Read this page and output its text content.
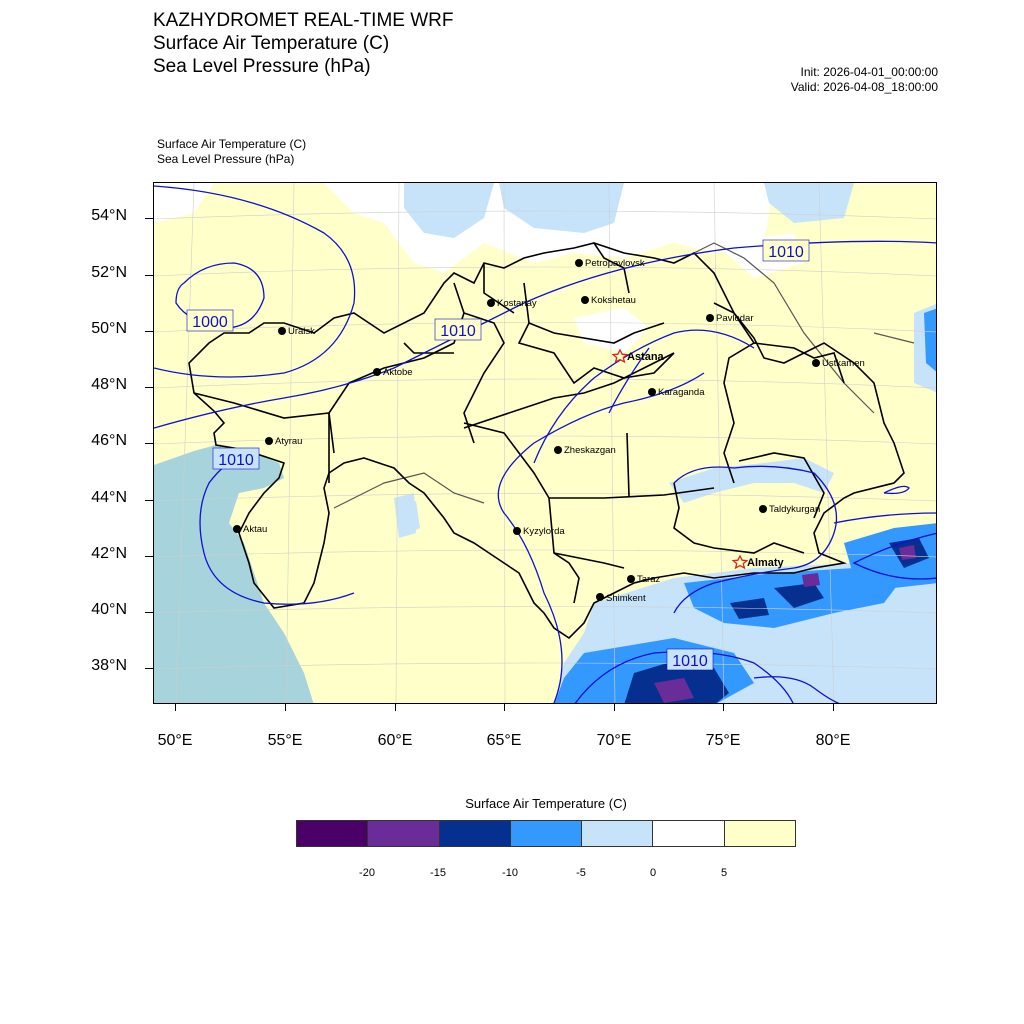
KAZHYDROMET REAL-TIME WRF
Surface Air Temperature (C)
Sea Level Pressure (hPa)	Init: 2026-04-01_00:00:00
Valid: 2026-04-08_18:00:00
Surface Air Temperature (C)
Sea Level Pressure (hPa)
54°N
52°N
50°N
48°N
46°N
44°N
42°N
40°N
38°N
50°E	55°E	60°E	65°E	70°E	75°E	80°E
1010
1000
1010
1010
1010
Petropavlovsk
Kostanay	Kokshetau
Pavlodar
Uralsk
Astana
Aktobe
Ustkamen
Karaganda
Atyrau
Zheskazgan
Taldykurgan
Aktau	Kyzylorda
Almaty
Taraz
Shimkent
Surface Air Temperature (C)
-20	-15	-10	-5	0	5
